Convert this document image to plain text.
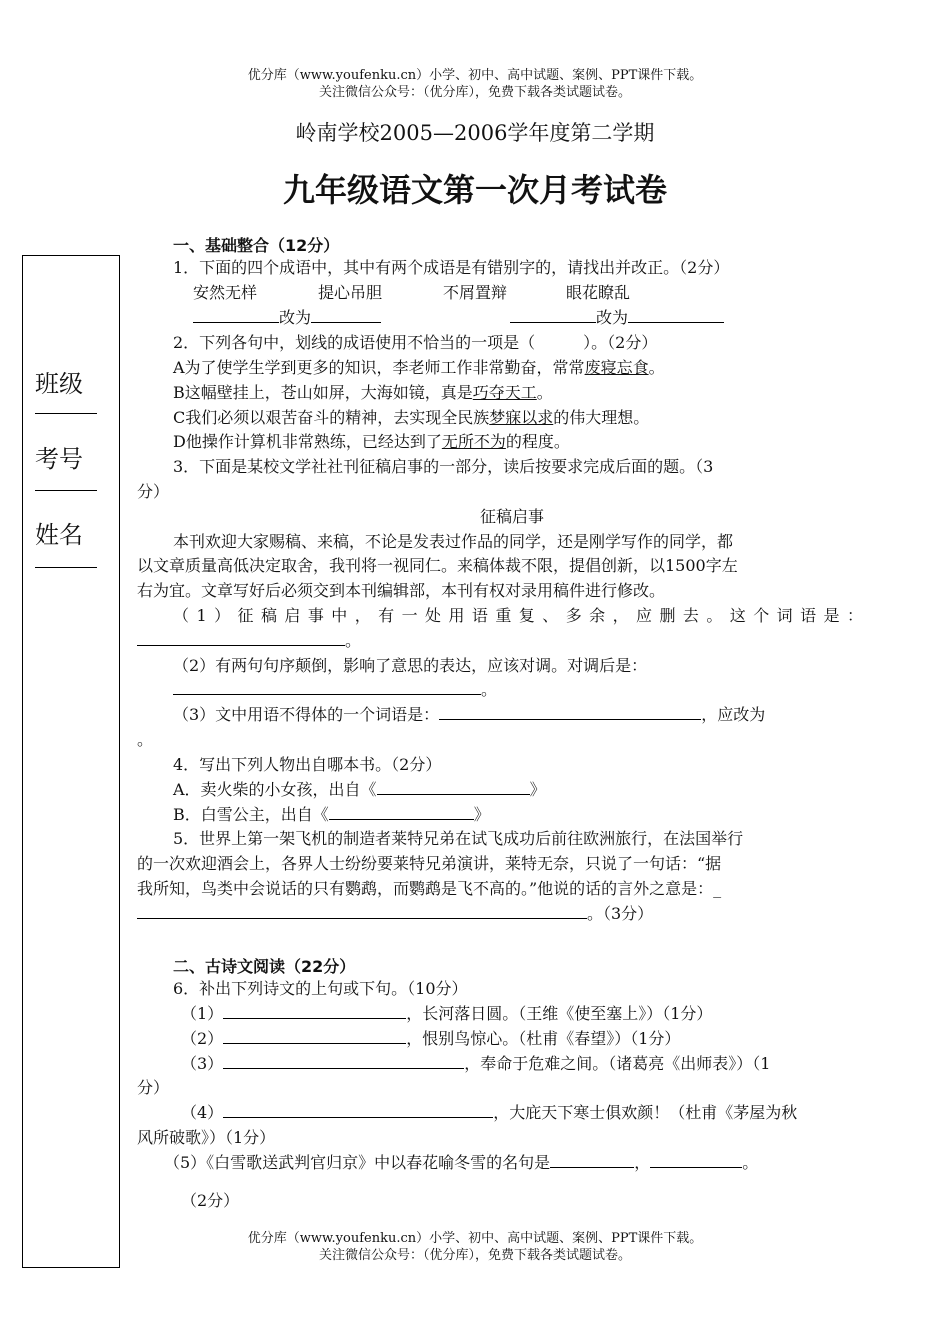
优分库（www.youfenku.cn）小学、初中、高中试题、案例、PPT课件下载。
关注微信公众号：（优分库），免费下载各类试题试卷。
岭南学校2005—2006学年度第二学期
九年级语文第一次月考试卷
班级
考号
姓名
一、基础整合（12分）
1．下面的四个成语中，其中有两个成语是有错别字的，请找出并改正。（2分）
安然无样	提心吊胆	不屑置辩	眼花瞭乱
改为	改为
2．下列各句中，划线的成语使用不恰当的一项是（　　　）。（2分）
A为了使学生学到更多的知识，李老师工作非常勤奋，常常废寝忘食。
B这幅壁挂上，苍山如屏，大海如镜，真是巧夺天工。
C我们必须以艰苦奋斗的精神，去实现全民族梦寐以求的伟大理想。
D他操作计算机非常熟练，已经达到了无所不为的程度。
3．下面是某校文学社社刊征稿启事的一部分，读后按要求完成后面的题。（3
分）
征稿启事
本刊欢迎大家赐稿、来稿，不论是发表过作品的同学，还是刚学写作的同学，都
以文章质量高低决定取舍，我刊将一视同仁。来稿体裁不限，提倡创新，以1500字左
右为宜。文章写好后必须交到本刊编辑部，本刊有权对录用稿件进行修改。
（1）征稿启事中，有一处用语重复、多余，应删去。这个词语是：
。
（2）有两句句序颠倒，影响了意思的表达，应该对调。对调后是：
。
（3）文中用语不得体的一个词语是：	，应改为
。
4．写出下列人物出自哪本书。（2分）
A．卖火柴的小女孩，出自《	》
B．白雪公主，出自《	》
5．世界上第一架飞机的制造者莱特兄弟在试飞成功后前往欧洲旅行，在法国举行
的一次欢迎酒会上，各界人士纷纷要莱特兄弟演讲，莱特无奈，只说了一句话：“据
我所知，鸟类中会说话的只有鹦鹉，而鹦鹉是飞不高的。”他说的话的言外之意是：_
。（3分）
二、古诗文阅读（22分）
6．补出下列诗文的上句或下句。（10分）
（1）	，长河落日圆。（王维《使至塞上》）（1分）
（2）	，恨别鸟惊心。（杜甫《春望》）（1分）
（3）	，奉命于危难之间。（诸葛亮《出师表》）（1
分）
（4）	，大庇天下寒士俱欢颜！（杜甫《茅屋为秋
风所破歌》）（1分）
（5）《白雪歌送武判官归京》中以春花喻冬雪的名句是	，	。
（2分）
优分库（www.youfenku.cn）小学、初中、高中试题、案例、PPT课件下载。
关注微信公众号：（优分库），免费下载各类试题试卷。
